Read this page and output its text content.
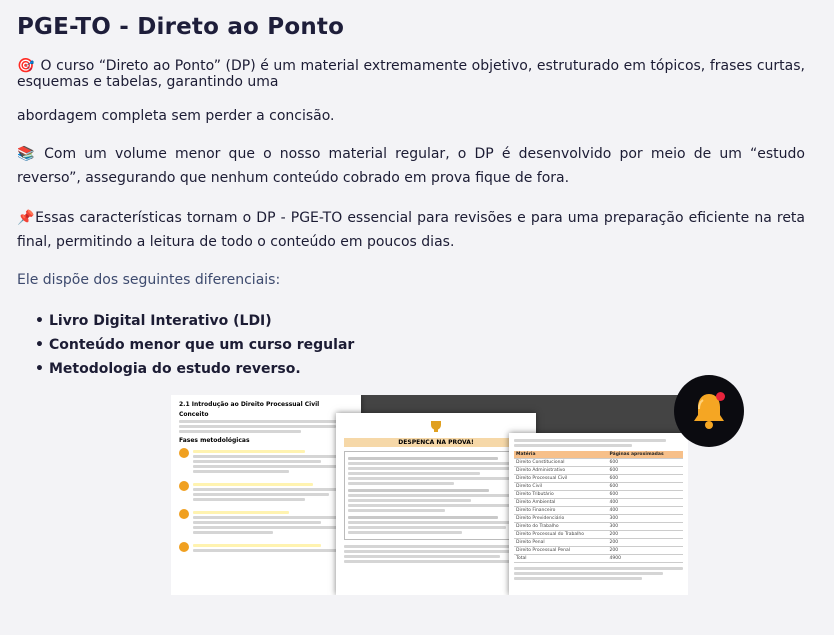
PGE-TO - Direto ao Ponto
🎯 O curso “Direto ao Ponto” (DP) é um material extremamente objetivo, estruturado em tópicos, frases curtas, esquemas e tabelas, garantindo uma
abordagem completa sem perder a concisão.
📚 Com um volume menor que o nosso material regular, o DP é desenvolvido por meio de um “estudo reverso”, assegurando que nenhum conteúdo cobrado em prova fique de fora.
📌Essas características tornam o DP - PGE-TO essencial para revisões e para uma preparação eficiente na reta final, permitindo a leitura de todo o conteúdo em poucos dias.
Ele dispõe dos seguintes diferenciais:
• Livro Digital Interativo (LDI)
• Conteúdo menor que um curso regular
• Metodologia do estudo reverso.
2.1 Introdução ao Direito Processual Civil
Conceito
Fases metodológicas	DESPENCA NA PROVA!
Matéria	Páginas aproximadas
Direito Constitucional	600
Direito Administrativo	600
Direito Processual Civil	600
Direito Civil	600
Direito Tributário	600
Direito Ambiental	400
Direito Financeiro	400
Direito Previdenciário	300
Direito do Trabalho	300
Direito Processual do Trabalho	200
Direito Penal	200
Direito Processual Penal	200
Total	4900
